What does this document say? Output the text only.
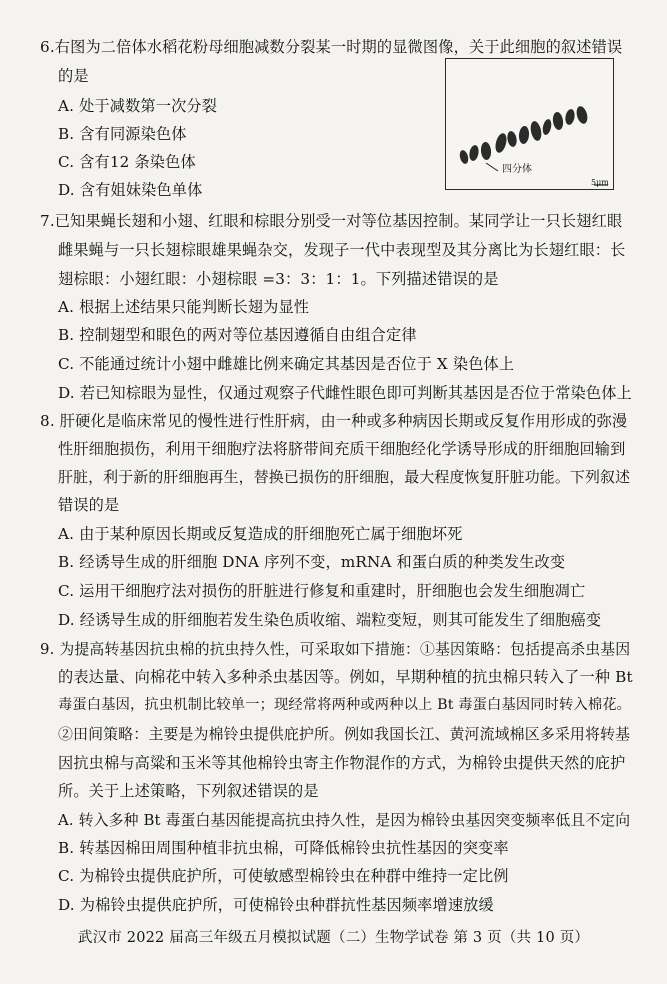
6.右图为二倍体水稻花粉母细胞减数分裂某一时期的显微图像，关于此细胞的叙述错误
的是
A. 处于减数第一次分裂
B. 含有同源染色体
C. 含有12 条染色体
D. 含有姐妹染色单体
四分体
5μm
7.已知果蝇长翅和小翅、红眼和棕眼分别受一对等位基因控制。某同学让一只长翅红眼
雌果蝇与一只长翅棕眼雄果蝇杂交，发现子一代中表现型及其分离比为长翅红眼：长
翅棕眼：小翅红眼：小翅棕眼 =3：3：1：1。下列描述错误的是
A. 根据上述结果只能判断长翅为显性
B. 控制翅型和眼色的两对等位基因遵循自由组合定律
C. 不能通过统计小翅中雌雄比例来确定其基因是否位于 X 染色体上
D. 若已知棕眼为显性，仅通过观察子代雌性眼色即可判断其基因是否位于常染色体上
8. 肝硬化是临床常见的慢性进行性肝病，由一种或多种病因长期或反复作用形成的弥漫
性肝细胞损伤，利用干细胞疗法将脐带间充质干细胞经化学诱导形成的肝细胞回输到
肝脏，利于新的肝细胞再生，替换已损伤的肝细胞，最大程度恢复肝脏功能。下列叙述
错误的是
A. 由于某种原因长期或反复造成的肝细胞死亡属于细胞坏死
B. 经诱导生成的肝细胞 DNA 序列不变，mRNA 和蛋白质的种类发生改变
C. 运用干细胞疗法对损伤的肝脏进行修复和重建时，肝细胞也会发生细胞凋亡
D. 经诱导生成的肝细胞若发生染色质收缩、端粒变短，则其可能发生了细胞癌变
9. 为提高转基因抗虫棉的抗虫持久性，可采取如下措施：①基因策略：包括提高杀虫基因
的表达量、向棉花中转入多种杀虫基因等。例如，早期种植的抗虫棉只转入了一种 Bt
毒蛋白基因，抗虫机制比较单一；现经常将两种或两种以上 Bt 毒蛋白基因同时转入棉花。
②田间策略：主要是为棉铃虫提供庇护所。例如我国长江、黄河流域棉区多采用将转基
因抗虫棉与高粱和玉米等其他棉铃虫寄主作物混作的方式，为棉铃虫提供天然的庇护
所。关于上述策略，下列叙述错误的是
A. 转入多种 Bt 毒蛋白基因能提高抗虫持久性，是因为棉铃虫基因突变频率低且不定向
B. 转基因棉田周围种植非抗虫棉，可降低棉铃虫抗性基因的突变率
C. 为棉铃虫提供庇护所，可使敏感型棉铃虫在种群中维持一定比例
D. 为棉铃虫提供庇护所，可使棉铃虫种群抗性基因频率增速放缓
武汉市 2022 届高三年级五月模拟试题（二）生物学试卷 第 3 页（共 10 页）
